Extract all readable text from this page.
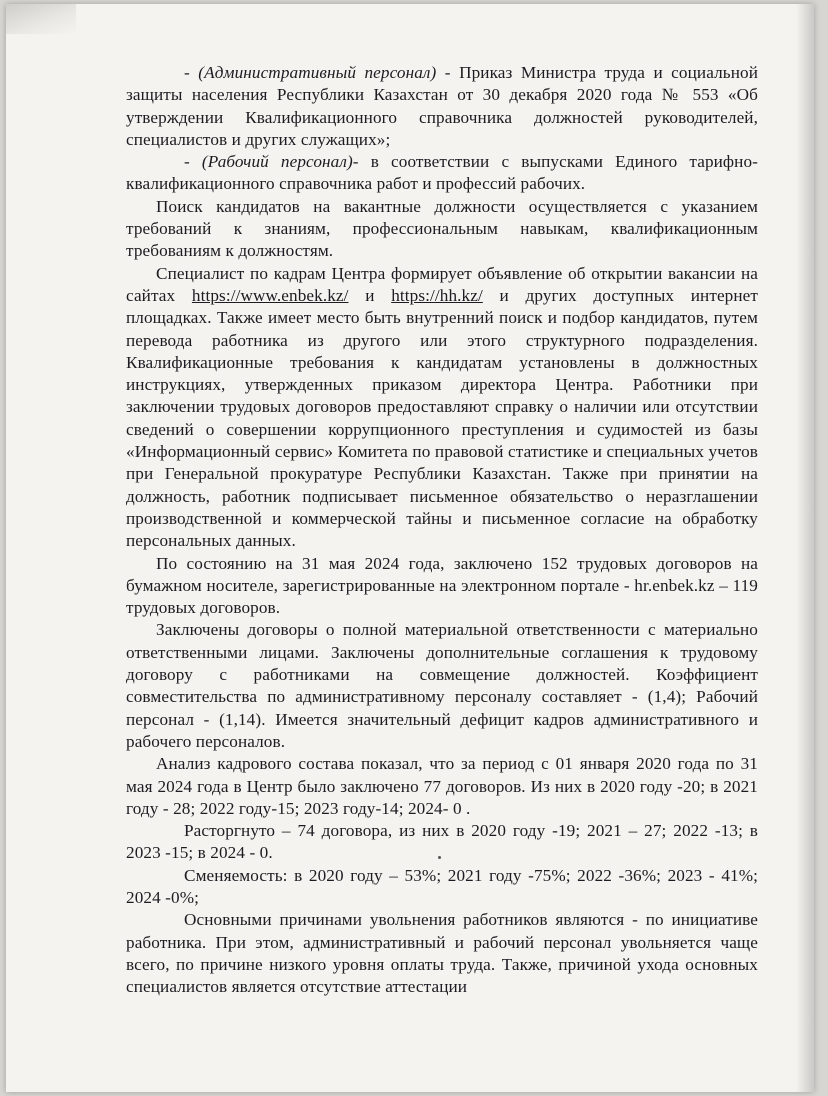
- (Административный персонал) - Приказ Министра труда и социальной защиты населения Республики Казахстан от 30 декабря 2020 года № 553 «Об утверждении Квалификационного справочника должностей руководителей, специалистов и других служащих»;

- (Рабочий персонал)- в соответствии с выпусками Единого тарифно-квалификационного справочника работ и профессий рабочих.

Поиск кандидатов на вакантные должности осуществляется с указанием требований к знаниям, профессиональным навыкам, квалификационным требованиям к должностям.

Специалист по кадрам Центра формирует объявление об открытии вакансии на сайтах https://www.enbek.kz/ и https://hh.kz/ и других доступных интернет площадках. Также имеет место быть внутренний поиск и подбор кандидатов, путем перевода работника из другого или этого структурного подразделения. Квалификационные требования к кандидатам установлены в должностных инструкциях, утвержденных приказом директора Центра. Работники при заключении трудовых договоров предоставляют справку о наличии или отсутствии сведений о совершении коррупционного преступления и судимостей из базы «Информационный сервис» Комитета по правовой статистике и специальных учетов при Генеральной прокуратуре Республики Казахстан. Также при принятии на должность, работник подписывает письменное обязательство о неразглашении производственной и коммерческой тайны и письменное согласие на обработку персональных данных.

По состоянию на 31 мая 2024 года, заключено 152 трудовых договоров на бумажном носителе, зарегистрированные на электронном портале - hr.enbek.kz – 119 трудовых договоров.

Заключены договоры о полной материальной ответственности с материально ответственными лицами. Заключены дополнительные соглашения к трудовому договору с работниками на совмещение должностей. Коэффициент совместительства по административному персоналу составляет - (1,4); Рабочий персонал - (1,14). Имеется значительный дефицит кадров административного и рабочего персоналов.

Анализ кадрового состава показал, что за период с 01 января 2020 года по 31 мая 2024 года в Центр было заключено 77 договоров. Из них в 2020 году -20; в 2021 году - 28; 2022 году-15; 2023 году-14; 2024- 0 .

Расторгнуто – 74 договора, из них в 2020 году -19; 2021 – 27; 2022 -13; в 2023 -15; в 2024 - 0.

Сменяемость: в 2020 году – 53%; 2021 году -75%; 2022 -36%; 2023 - 41%; 2024 -0%;

Основными причинами увольнения работников являются - по инициативе работника. При этом, административный и рабочий персонал увольняется чаще всего, по причине низкого уровня оплаты труда. Также, причиной ухода основных специалистов является отсутствие аттестации
